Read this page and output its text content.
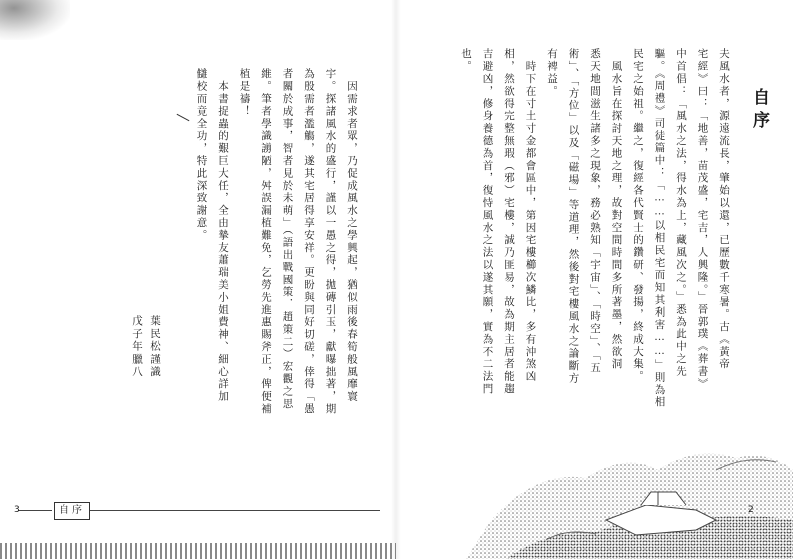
　因需求者眾，乃促成風水之學興起，猶似雨後春筍般風靡寰
宇。探諸風水的盛行，謹以一愚之得，拋磚引玉，獻曝拙著，期
為殷需者濫觴，遂其宅居得享安祥。更盼與同好切磋，倖得「愚
者關於成事，智者見於未萌」（語出戰國策．趙策二）宏觀之思
維。筆者學識謭陋，舛誤漏植難免，乞勞先進惠賜斧正，俾便補
植是禱！
　本書捉蟲的艱巨大任，全由摯友蕭瑞美小姐費神、細心詳加
讎校而竟全功，特此深致謝意。
葉民松謹識
戊子年臘八
自序
3
自序
夫風水者，源遠流長，肇始以還，已歷數千寒暑。古《黃帝
宅經》曰：「地善，苗茂盛，宅吉，人興隆。」晉郭璞《葬書》
中首倡：「風水之法，得水為上，藏風次之。」悉為此中之先
驅。《周禮》司徒篇中：「……以相民宅而知其利害……」則為相
民宅之始祖。繼之，復經各代賢士的鑽研、發揚，終成大集。
　風水旨在探討天地之理，故對空間時間多所著墨，然欲洞
悉天地間滋生諸多之現象，務必熟知「宇宙」、「時空」、「五
術」、「方位」以及「磁場」等道理，然後對宅樓風水之論斷方
有裨益。
　時下在寸土寸金都會區中，第因宅樓櫛次鱗比，多有沖煞凶
相，然欲得完整無瑕（邪）宅樓，誠乃匪易，故為期主居者能趨
吉避凶，修身養德為首，復恃風水之法以遂其願，實為不二法門
也。
2
